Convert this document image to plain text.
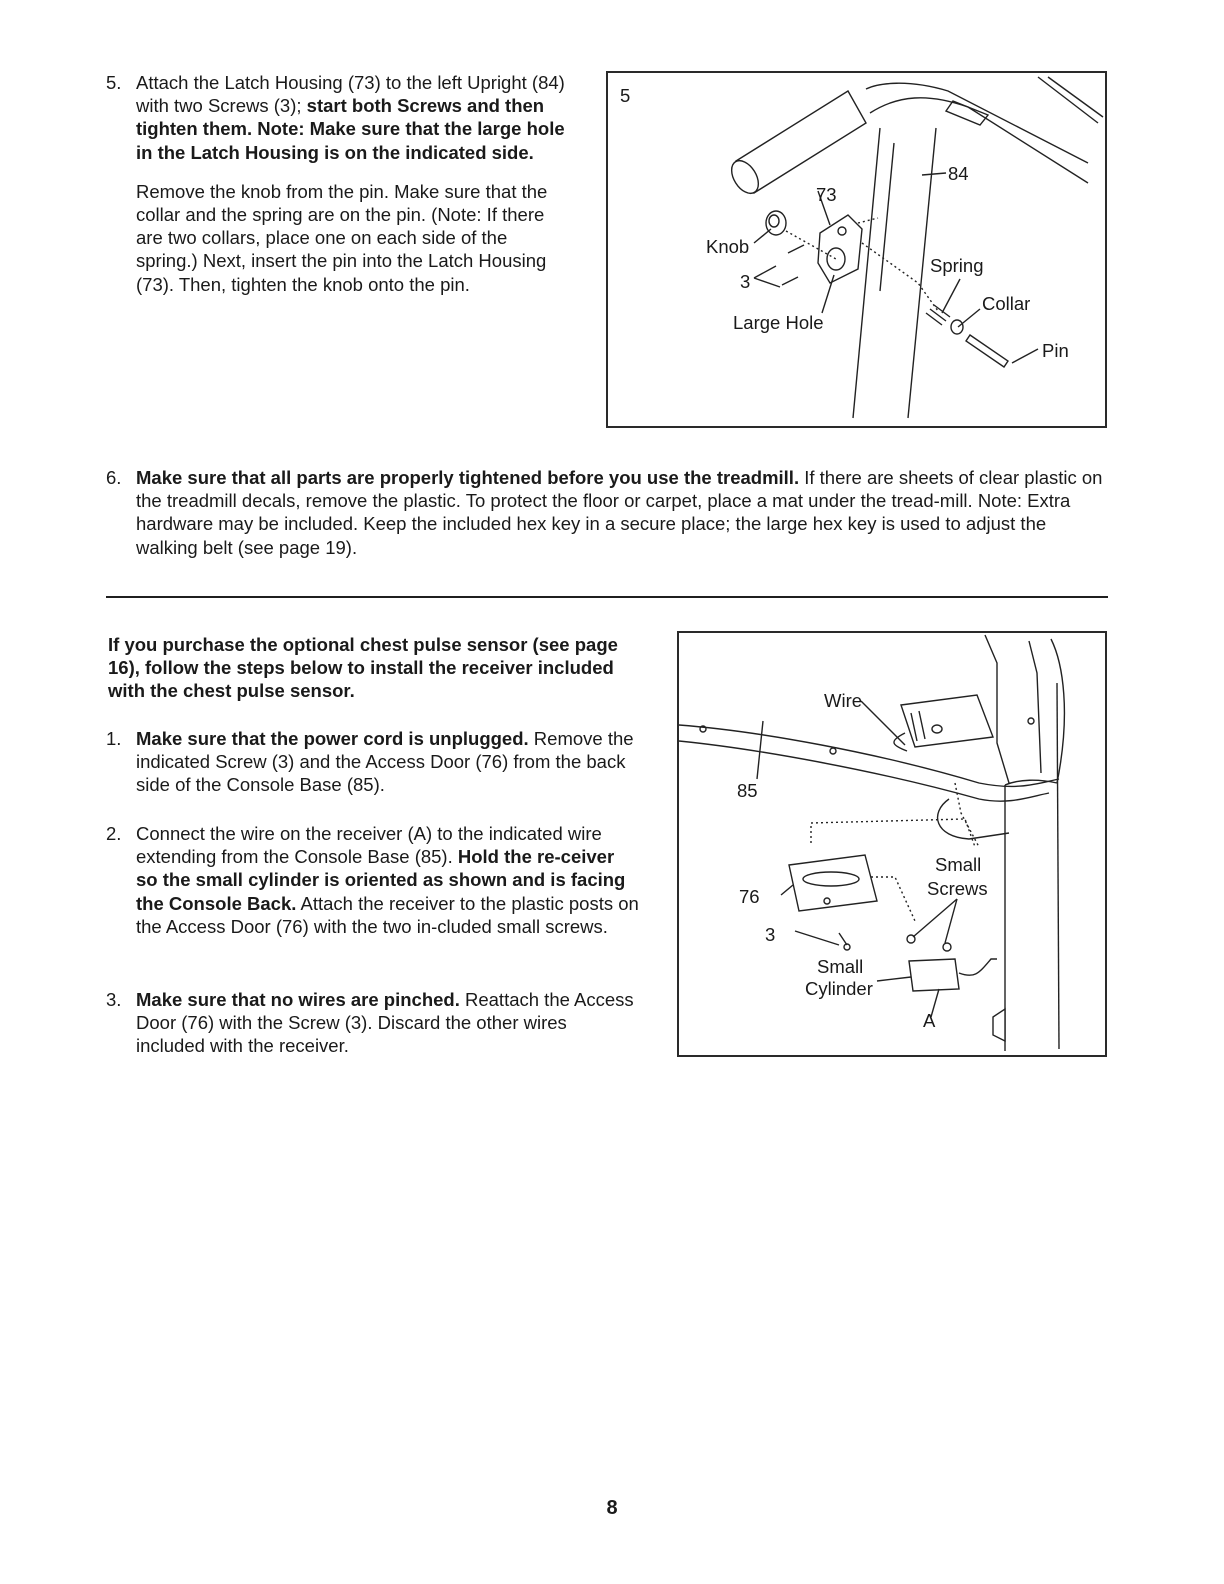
5. Attach the Latch Housing (73) to the left Upright (84) with two Screws (3); start both Screws and then tighten them. Note: Make sure that the large hole in the Latch Housing is on the indicated side.

Remove the knob from the pin. Make sure that the collar and the spring are on the pin. (Note: If there are two collars, place one on each side of the spring.) Next, insert the pin into the Latch Housing (73). Then, tighten the knob onto the pin.

5
84
73
Knob
3
Spring
Collar
Large Hole
Pin
6. Make sure that all parts are properly tightened before you use the treadmill. If there are sheets of clear plastic on the treadmill decals, remove the plastic. To protect the floor or carpet, place a mat under the tread-mill. Note: Extra hardware may be included. Keep the included hex key in a secure place; the large hex key is used to adjust the walking belt (see page 19).

If you purchase the optional chest pulse sensor (see page 16), follow the steps below to install the receiver included with the chest pulse sensor.
1. Make sure that the power cord is unplugged. Remove the indicated Screw (3) and the Access Door (76) from the back side of the Console Base (85).

2. Connect the wire on the receiver (A) to the indicated wire extending from the Console Base (85). Hold the re-ceiver so the small cylinder is oriented as shown and is facing the Console Back. Attach the receiver to the plastic posts on the Access Door (76) with the two in-cluded small screws.

3. Make sure that no wires are pinched. Reattach the Access Door (76) with the Screw (3). Discard the other wires included with the receiver.

Wire
85
Small
Screws
76
3
Small
Cylinder
A
8
